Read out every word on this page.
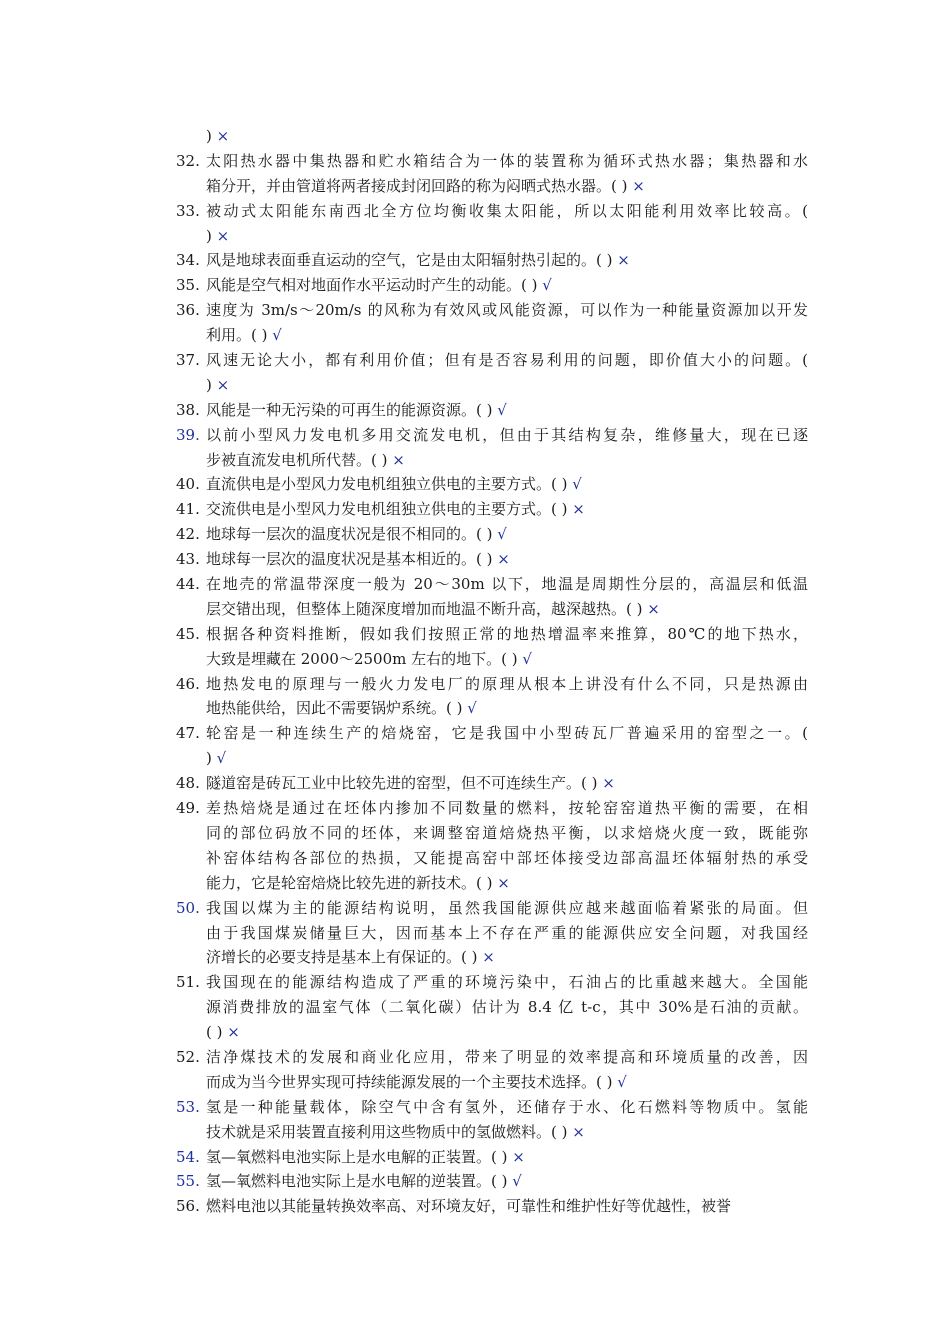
) ×
32. 太阳热水器中集热器和贮水箱结合为一体的装置称为循环式热水器；集热器和水
箱分开，并由管道将两者接成封闭回路的称为闷晒式热水器。( ) ×
33. 被动式太阳能东南西北全方位均衡收集太阳能，所以太阳能利用效率比较高。(
) ×
34. 风是地球表面垂直运动的空气，它是由太阳辐射热引起的。( ) ×
35. 风能是空气相对地面作水平运动时产生的动能。( ) √
36. 速度为 3m/s～20m/s 的风称为有效风或风能资源，可以作为一种能量资源加以开发
利用。( ) √
37. 风速无论大小，都有利用价值；但有是否容易利用的问题，即价值大小的问题。(
) ×
38. 风能是一种无污染的可再生的能源资源。( ) √
39. 以前小型风力发电机多用交流发电机，但由于其结构复杂，维修量大，现在已逐
步被直流发电机所代替。( ) ×
40. 直流供电是小型风力发电机组独立供电的主要方式。( ) √
41. 交流供电是小型风力发电机组独立供电的主要方式。( ) ×
42. 地球每一层次的温度状况是很不相同的。( ) √
43. 地球每一层次的温度状况是基本相近的。( ) ×
44. 在地壳的常温带深度一般为 20～30m 以下，地温是周期性分层的，高温层和低温
层交错出现，但整体上随深度增加而地温不断升高，越深越热。( ) ×
45. 根据各种资料推断，假如我们按照正常的地热增温率来推算，80℃的地下热水，
大致是埋藏在 2000～2500m 左右的地下。( ) √
46. 地热发电的原理与一般火力发电厂的原理从根本上讲没有什么不同，只是热源由
地热能供给，因此不需要锅炉系统。( ) √
47. 轮窑是一种连续生产的焙烧窑，它是我国中小型砖瓦厂普遍采用的窑型之一。(
) √
48. 隧道窑是砖瓦工业中比较先进的窑型，但不可连续生产。( ) ×
49. 差热焙烧是通过在坯体内掺加不同数量的燃料，按轮窑窑道热平衡的需要，在相
同的部位码放不同的坯体，来调整窑道焙烧热平衡，以求焙烧火度一致，既能弥
补窑体结构各部位的热损，又能提高窑中部坯体接受边部高温坯体辐射热的承受
能力，它是轮窑焙烧比较先进的新技术。( ) ×
50. 我国以煤为主的能源结构说明，虽然我国能源供应越来越面临着紧张的局面。但
由于我国煤炭储量巨大，因而基本上不存在严重的能源供应安全问题，对我国经
济增长的必要支持是基本上有保证的。( ) ×
51. 我国现在的能源结构造成了严重的环境污染中，石油占的比重越来越大。全国能
源消费排放的温室气体（二氧化碳）估计为 8.4 亿 t-c，其中 30%是石油的贡献。
( ) ×
52. 洁净煤技术的发展和商业化应用，带来了明显的效率提高和环境质量的改善，因
而成为当今世界实现可持续能源发展的一个主要技术选择。( ) √
53. 氢是一种能量载体，除空气中含有氢外，还储存于水、化石燃料等物质中。氢能
技术就是采用装置直接利用这些物质中的氢做燃料。( ) ×
54. 氢—氧燃料电池实际上是水电解的正装置。( ) ×
55. 氢—氧燃料电池实际上是水电解的逆装置。( ) √
56. 燃料电池以其能量转换效率高、对环境友好，可靠性和维护性好等优越性，被誉
